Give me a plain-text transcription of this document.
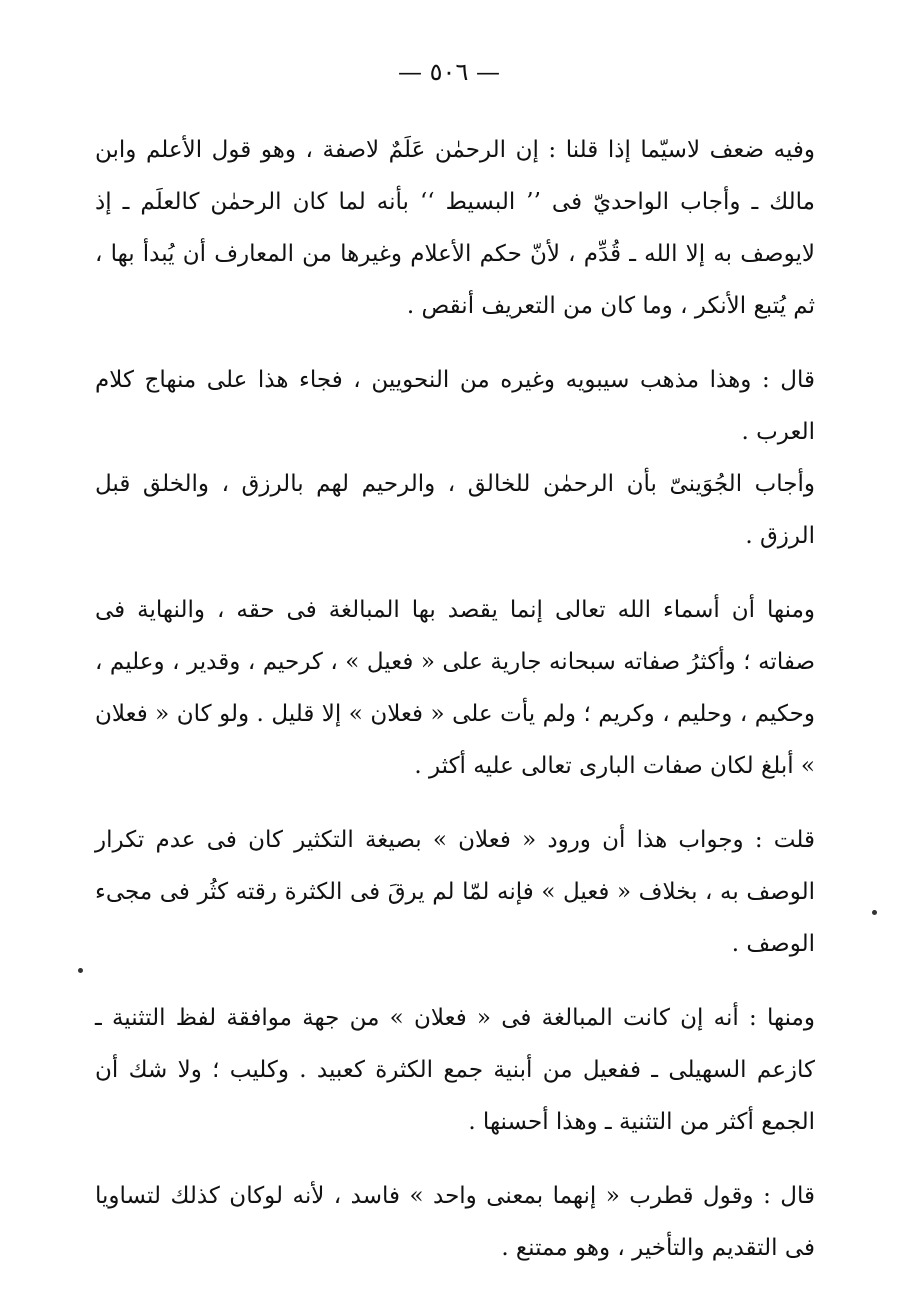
— ٥٠٦ —

وفيه ضعف لاسيّما إذا قلنا : إن الرحمٰن عَلَمٌ لاصفة ، وهو قول الأعلم وابن مالك ـ وأجاب الواحديّ فى ’’ البسيط ‘‘ بأنه لما كان الرحمٰن كالعلَم ـ إذ لايوصف به إلا الله ـ قُدِّم ، لأنّ حكم الأعلام وغيرها من المعارف أن يُبدأ بها ، ثم يُتبع الأنكر ، وما كان من التعريف أنقص .

قال : وهذا مذهب سيبويه وغيره من النحويين ، فجاء هذا على منهاج كلام العرب .

وأجاب الجُوَينىّ بأن الرحمٰن للخالق ، والرحيم لهم بالرزق ، والخلق قبل الرزق .

ومنها أن أسماء الله تعالى إنما يقصد بها المبالغة فى حقه ، والنهاية فى صفاته ؛ وأكثرُ صفاته سبحانه جارية على « فعيل » ، كرحيم ، وقدير ، وعليم ، وحكيم ، وحليم ، وكريم ؛ ولم يأت على « فعلان » إلا قليل . ولو كان « فعلان » أبلغ لكان صفات البارى تعالى عليه أكثر .

قلت : وجواب هذا أن ورود « فعلان » بصيغة التكثير كان فى عدم تكرار الوصف به ، بخلاف « فعيل » فإنه لمّا لم يرقَ فى الكثرة رقته كثُر فى مجىء الوصف .

ومنها : أنه إن كانت المبالغة فى « فعلان » من جهة موافقة لفظ التثنية ـ كازعم السهيلى ـ ففعيل من أبنية جمع الكثرة كعبيد . وكليب ؛ ولا شك أن الجمع أكثر من التثنية ـ وهذا أحسنها .

قال : وقول قطرب « إنهما بمعنى واحد » فاسد ، لأنه لوكان كذلك لتساويا فى التقديم والتأخير ، وهو ممتنع .
